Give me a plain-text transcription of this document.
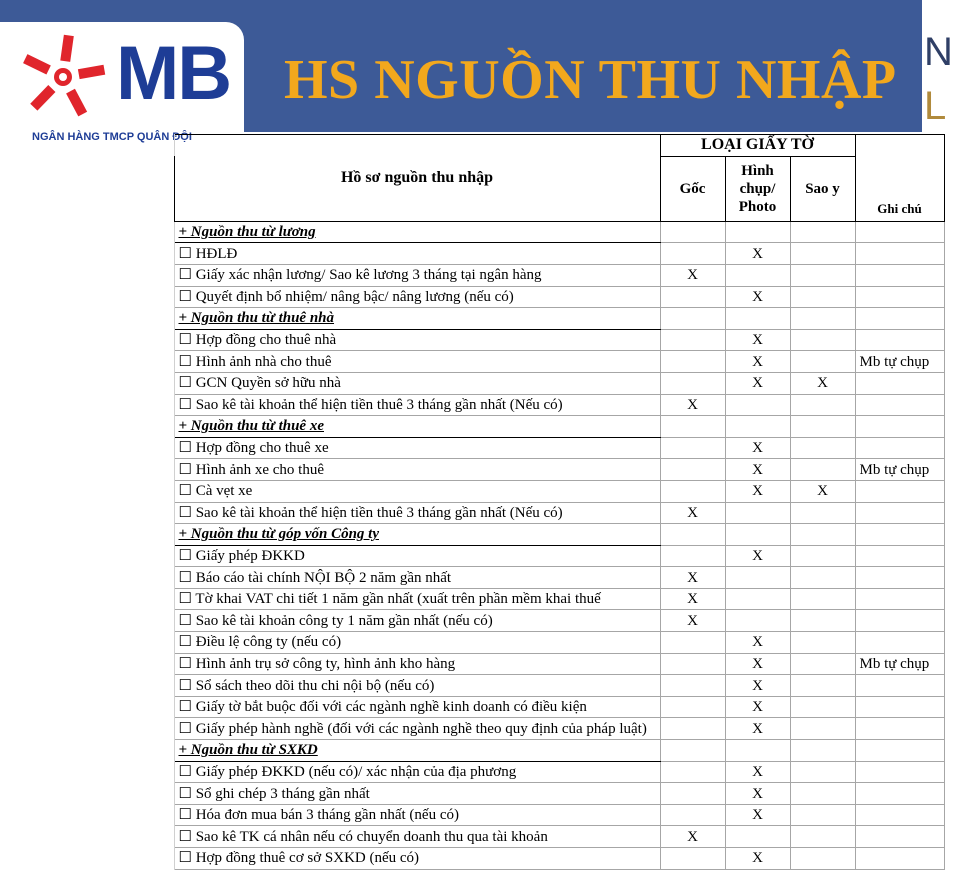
N
L
MB
NGÂN HÀNG TMCP QUÂN ĐỘI
HS NGUỒN THU NHẬP
	Hồ sơ nguồn thu nhập	LOẠI GIẤY TỜ			Ghi chú
		Gốc	Hình chụp/ Photo	Sao y	

	+ Nguồn thu từ lương				
	☐ HĐLĐ		X		
	☐ Giấy xác nhận lương/ Sao kê lương 3 tháng tại ngân hàng	X			
	☐ Quyết định bổ nhiệm/ nâng bậc/ nâng lương (nếu có)		X		
	+ Nguồn thu từ thuê nhà				
	☐ Hợp đồng cho thuê nhà		X		
	☐ Hình ảnh nhà cho thuê		X		Mb tự chụp
	☐ GCN Quyền sở hữu nhà		X	X	
	☐ Sao kê tài khoản thể hiện tiền thuê 3 tháng gần nhất (Nếu có)	X			
	+ Nguồn thu từ thuê xe				
	☐ Hợp đồng cho thuê xe		X		
	☐ Hình ảnh xe cho thuê		X		Mb tự chụp
	☐ Cà vẹt xe		X	X	
	☐ Sao kê tài khoản thể hiện tiền thuê 3 tháng gần nhất (Nếu có)	X			
	+ Nguồn thu từ góp vốn Công ty				
	☐ Giấy phép ĐKKD		X		
	☐ Báo cáo tài chính NỘI BỘ 2 năm gần nhất	X			
	☐ Tờ khai VAT chi tiết 1 năm gần nhất (xuất trên phần mềm khai thuế	X			
	☐ Sao kê tài khoản công ty 1 năm gần nhất (nếu có)	X			
	☐ Điều lệ công ty (nếu có)		X		
	☐ Hình ảnh trụ sở công ty, hình ảnh kho hàng		X		Mb tự chụp
	☐ Sổ sách theo dõi thu chi nội bộ (nếu có)		X		
	☐ Giấy tờ bắt buộc đối với các ngành nghề kinh doanh có điều kiện		X		
	☐ Giấy phép hành nghề (đối với các ngành nghề theo quy định của pháp luật)		X		
	+ Nguồn thu từ SXKD				
	☐ Giấy phép ĐKKD (nếu có)/ xác nhận của địa phương		X		
	☐ Sổ ghi chép 3 tháng gần nhất		X		
	☐ Hóa đơn mua bán 3 tháng gần nhất (nếu có)		X		
	☐ Sao kê TK cá nhân nếu có chuyển doanh thu qua tài khoản	X			
	☐ Hợp đồng thuê cơ sở SXKD (nếu có)		X		
